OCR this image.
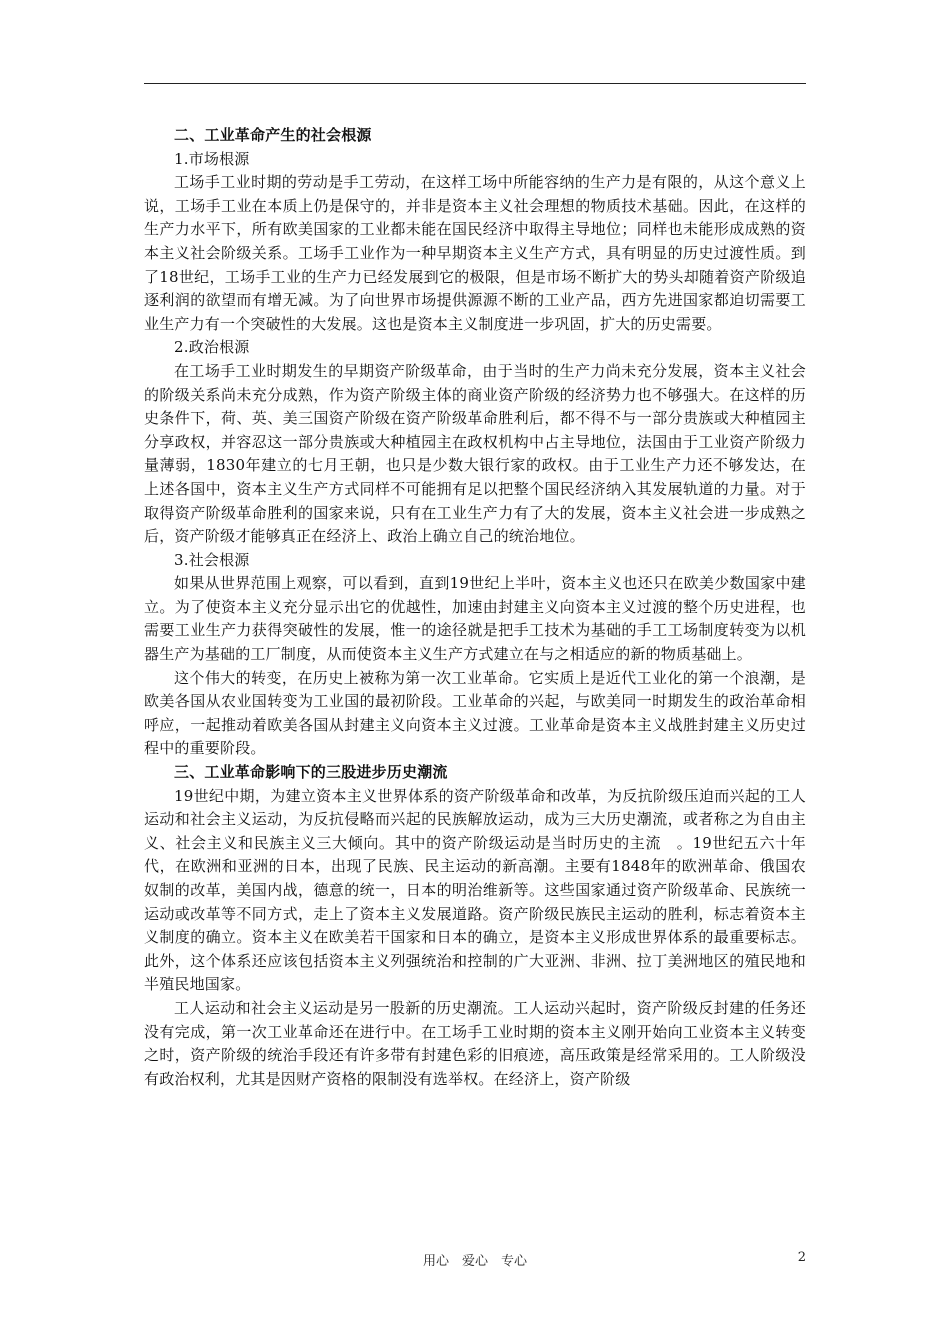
二、工业革命产生的社会根源
1.市场根源

工场手工业时期的劳动是手工劳动，在这样工场中所能容纳的生产力是有限的，从这个意义上说，工场手工业在本质上仍是保守的，并非是资本主义社会理想的物质技术基础。因此，在这样的生产力水平下，所有欧美国家的工业都未能在国民经济中取得主导地位；同样也未能形成成熟的资本主义社会阶级关系。工场手工业作为一种早期资本主义生产方式，具有明显的历史过渡性质。到了18世纪，工场手工业的生产力已经发展到它的极限，但是市场不断扩大的势头却随着资产阶级追逐利润的欲望而有增无减。为了向世界市场提供源源不断的工业产品，西方先进国家都迫切需要工业生产力有一个突破性的大发展。这也是资本主义制度进一步巩固，扩大的历史需要。

2.政治根源

在工场手工业时期发生的早期资产阶级革命，由于当时的生产力尚未充分发展，资本主义社会的阶级关系尚未充分成熟，作为资产阶级主体的商业资产阶级的经济势力也不够强大。在这样的历史条件下，荷、英、美三国资产阶级在资产阶级革命胜利后，都不得不与一部分贵族或大种植园主分享政权，并容忍这一部分贵族或大种植园主在政权机构中占主导地位，法国由于工业资产阶级力量薄弱，1830年建立的七月王朝，也只是少数大银行家的政权。由于工业生产力还不够发达，在上述各国中，资本主义生产方式同样不可能拥有足以把整个国民经济纳入其发展轨道的力量。对于取得资产阶级革命胜利的国家来说，只有在工业生产力有了大的发展，资本主义社会进一步成熟之后，资产阶级才能够真正在经济上、政治上确立自己的统治地位。

3.社会根源

如果从世界范围上观察，可以看到，直到19世纪上半叶，资本主义也还只在欧美少数国家中建立。为了使资本主义充分显示出它的优越性，加速由封建主义向资本主义过渡的整个历史进程，也需要工业生产力获得突破性的发展，惟一的途径就是把手工技术为基础的手工工场制度转变为以机器生产为基础的工厂制度，从而使资本主义生产方式建立在与之相适应的新的物质基础上。

这个伟大的转变，在历史上被称为第一次工业革命。它实质上是近代工业化的第一个浪潮，是欧美各国从农业国转变为工业国的最初阶段。工业革命的兴起，与欧美同一时期发生的政治革命相呼应，一起推动着欧美各国从封建主义向资本主义过渡。工业革命是资本主义战胜封建主义历史过程中的重要阶段。

三、工业革命影响下的三股进步历史潮流

19世纪中期，为建立资本主义世界体系的资产阶级革命和改革，为反抗阶级压迫而兴起的工人运动和社会主义运动，为反抗侵略而兴起的民族解放运动，成为三大历史潮流，或者称之为自由主义、社会主义和民族主义三大倾向。其中的资产阶级运动是当时历史的主流　。19世纪五六十年代，在欧洲和亚洲的日本，出现了民族、民主运动的新高潮。主要有1848年的欧洲革命、俄国农奴制的改革，美国内战，德意的统一，日本的明治维新等。这些国家通过资产阶级革命、民族统一运动或改革等不同方式，走上了资本主义发展道路。资产阶级民族民主运动的胜利，标志着资本主义制度的确立。资本主义在欧美若干国家和日本的确立，是资本主义形成世界体系的最重要标志。此外，这个体系还应该包括资本主义列强统治和控制的广大亚洲、非洲、拉丁美洲地区的殖民地和半殖民地国家。

工人运动和社会主义运动是另一股新的历史潮流。工人运动兴起时，资产阶级反封建的任务还没有完成，第一次工业革命还在进行中。在工场手工业时期的资本主义刚开始向工业资本主义转变之时，资产阶级的统治手段还有许多带有封建色彩的旧痕迹，高压政策是经常采用的。工人阶级没有政治权利，尤其是因财产资格的限制没有选举权。在经济上，资产阶级

用心　爱心　专心	2
